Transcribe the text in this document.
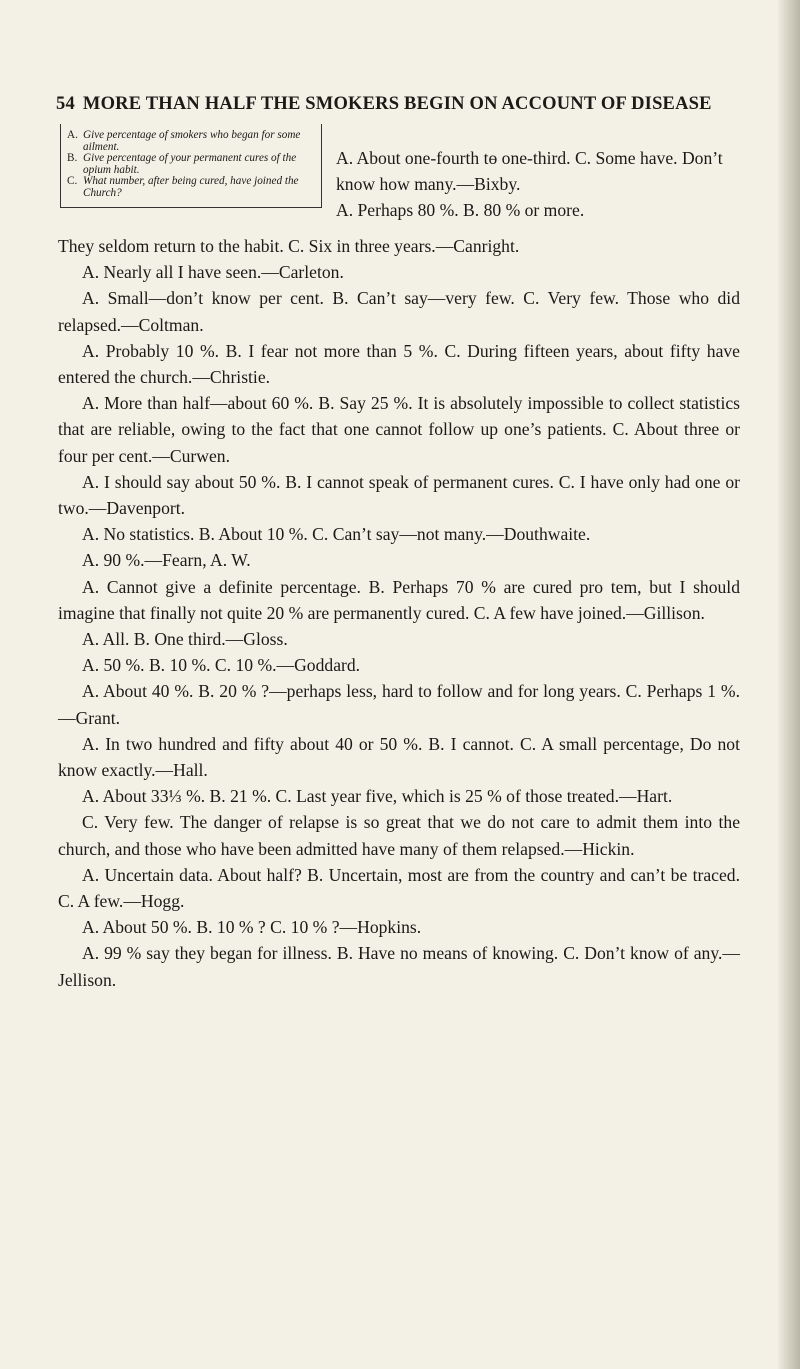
54 MORE THAN HALF THE SMOKERS BEGIN ON ACCOUNT OF DISEASE
A. Give percentage of smokers who began for some ailment.
B. Give percentage of your permanent cures of the opium habit.
C. What number, after being cured, have joined the Church?

A. About one-fourth tɵ one-third. C. Some have. Don’t know how many.—Bixby.

A. Perhaps 80 %. B. 80 % or more.

They seldom return to the habit. C. Six in three years.—Canright.

A. Nearly all I have seen.—Carleton.

A. Small—don’t know per cent. B. Can’t say—very few. C. Very few. Those who did relapsed.—Coltman.

A. Probably 10 %. B. I fear not more than 5 %. C. During fifteen years, about fifty have entered the church.—Christie.

A. More than half—about 60 %. B. Say 25 %. It is absolutely impossible to collect statistics that are reliable, owing to the fact that one cannot follow up one’s patients. C. About three or four per cent.—Curwen.

A. I should say about 50 %. B. I cannot speak of permanent cures. C. I have only had one or two.—Davenport.

A. No statistics. B. About 10 %. C. Can’t say—not many.—Douthwaite.

A. 90 %.—Fearn, A. W.

A. Cannot give a definite percentage. B. Perhaps 70 % are cured pro tem, but I should imagine that finally not quite 20 % are permanently cured. C. A few have joined.—Gillison.

A. All. B. One third.—Gloss.

A. 50 %. B. 10 %. C. 10 %.—Goddard.

A. About 40 %. B. 20 % ?—perhaps less, hard to follow and for long years. C. Perhaps 1 %.—Grant.

A. In two hundred and fifty about 40 or 50 %. B. I cannot. C. A small percentage, Do not know exactly.—Hall.

A. About 33⅓ %. B. 21 %. C. Last year five, which is 25 % of those treated.—Hart.

C. Very few. The danger of relapse is so great that we do not care to admit them into the church, and those who have been admitted have many of them relapsed.—Hickin.

A. Uncertain data. About half? B. Uncertain, most are from the country and can’t be traced. C. A few.—Hogg.

A. About 50 %. B. 10 % ? C. 10 % ?—Hopkins.

A. 99 % say they began for illness. B. Have no means of knowing. C. Don’t know of any.—Jellison.
